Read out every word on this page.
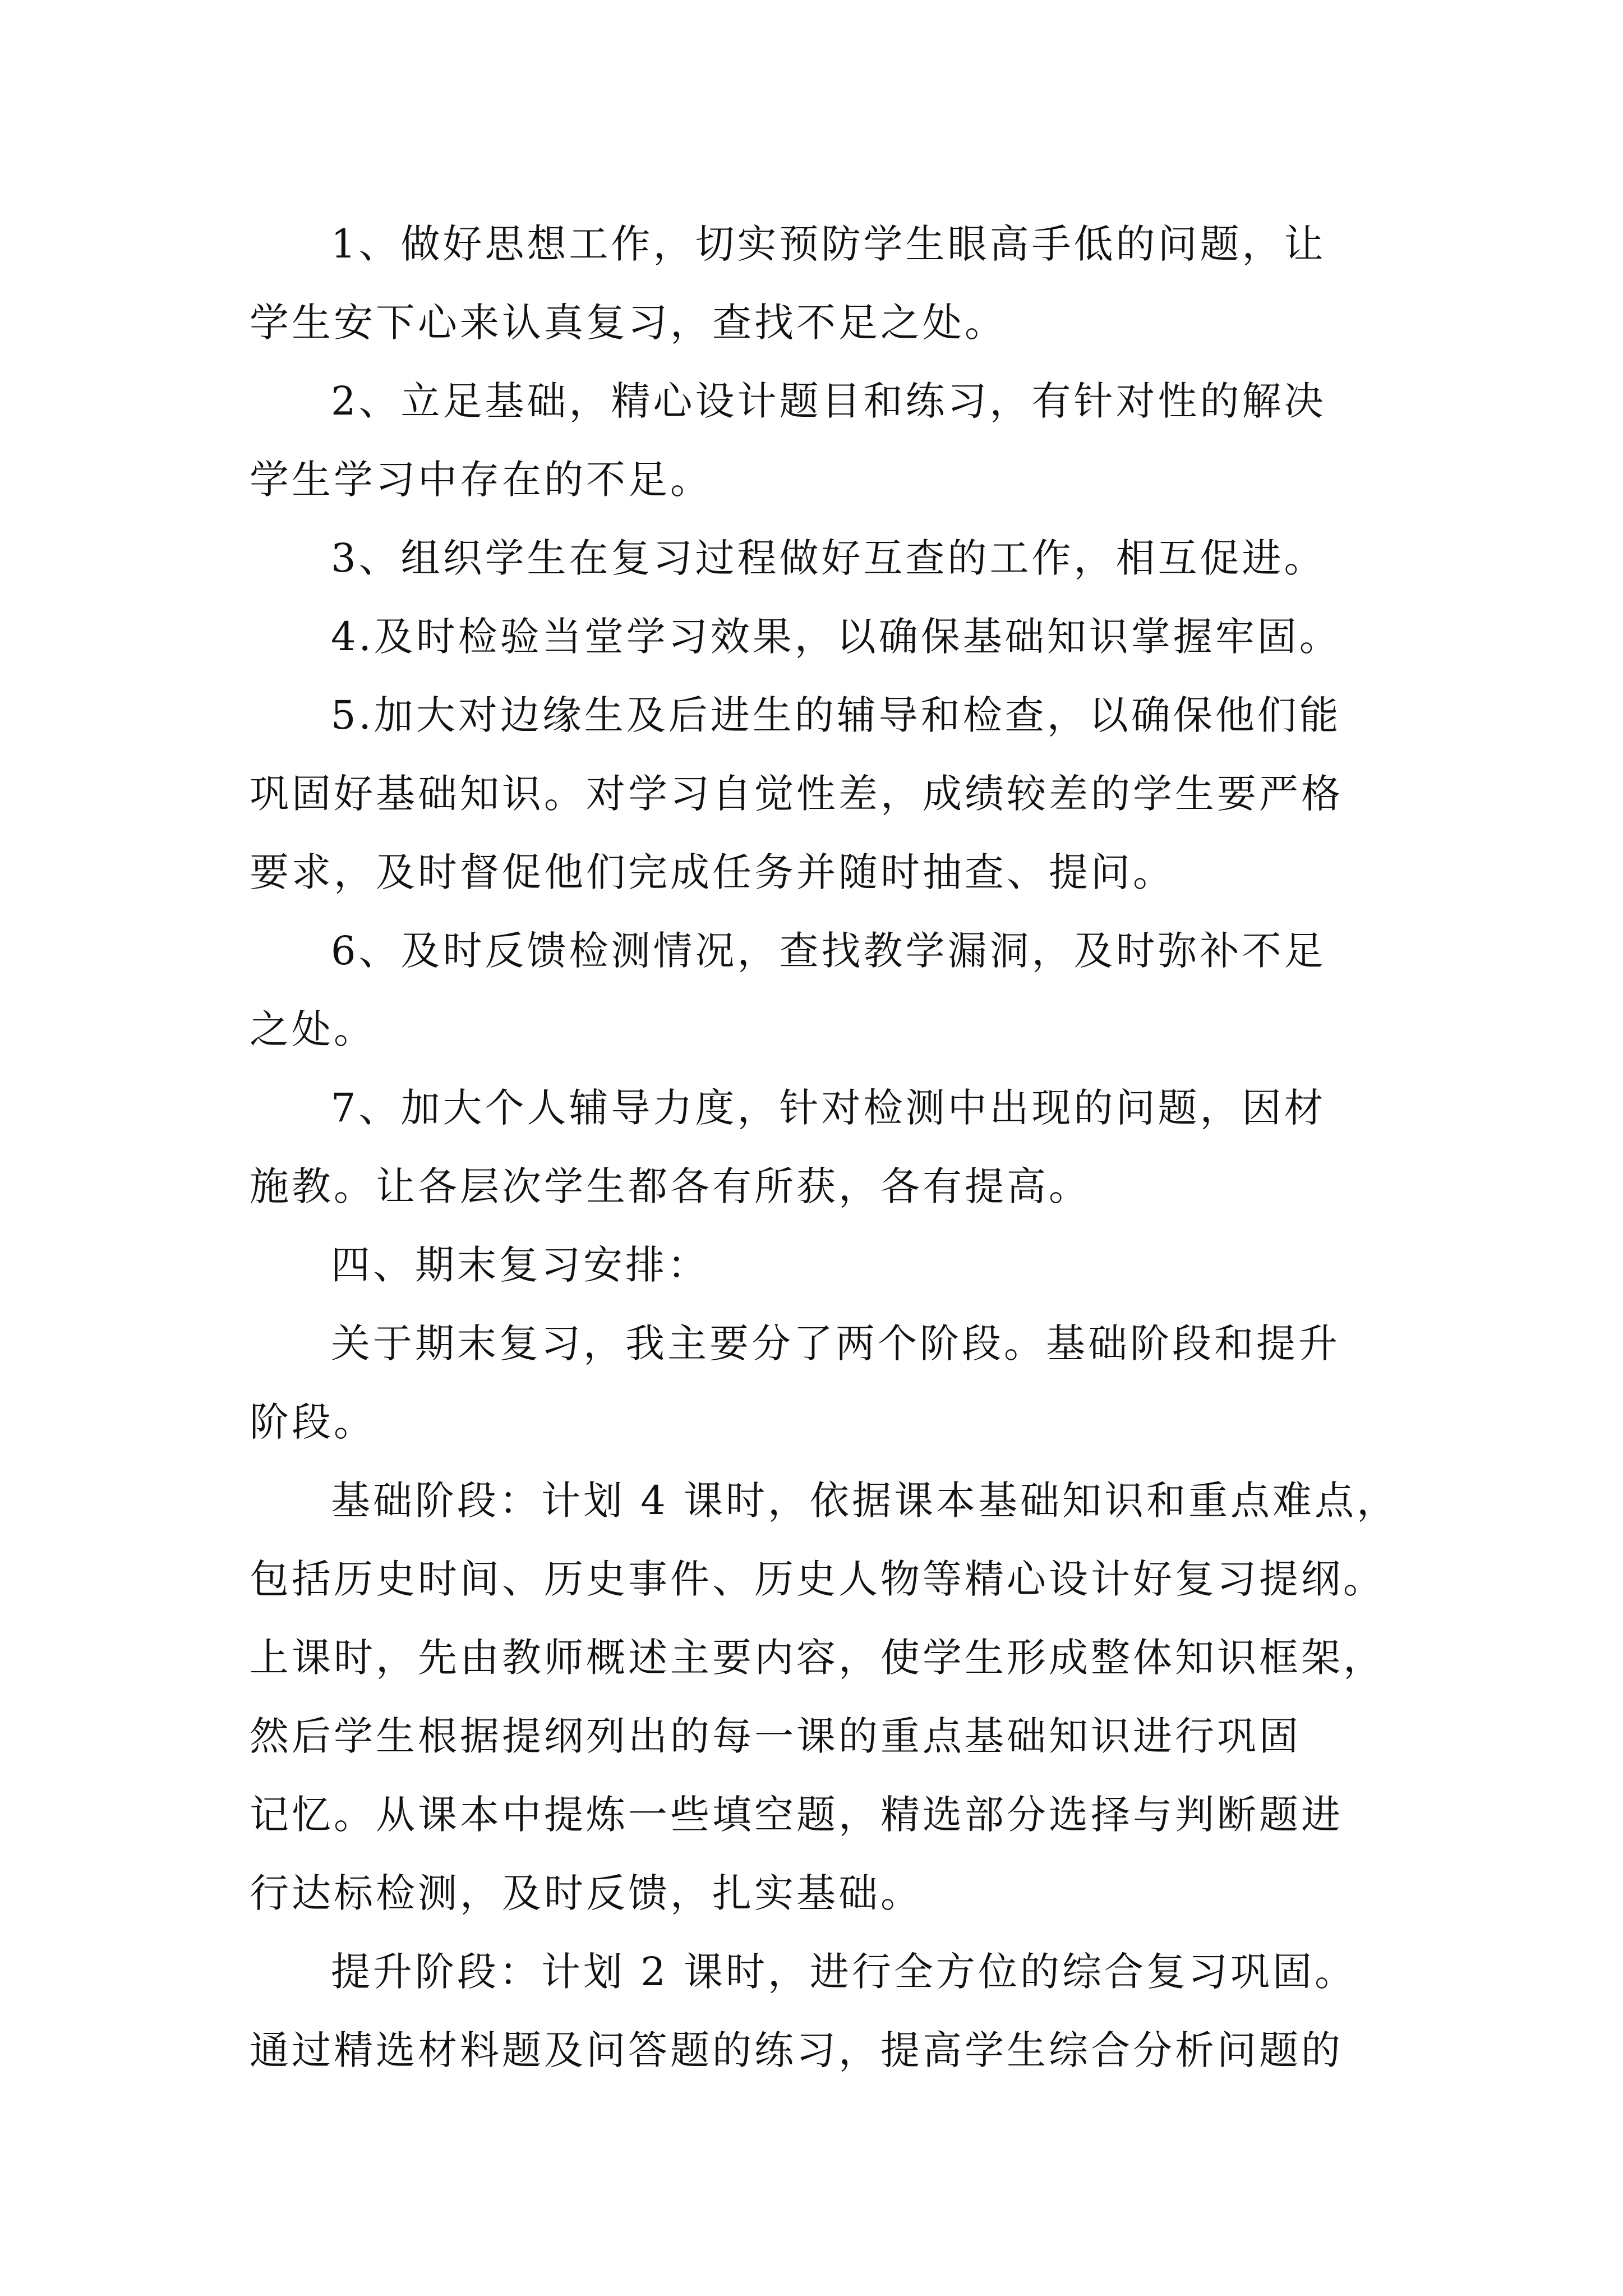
1、做好思想工作，切实预防学生眼高手低的问题，让
学生安下心来认真复习，查找不足之处。
2、立足基础，精心设计题目和练习，有针对性的解决
学生学习中存在的不足。
3、组织学生在复习过程做好互查的工作，相互促进。
4.及时检验当堂学习效果，以确保基础知识掌握牢固。
5.加大对边缘生及后进生的辅导和检查，以确保他们能
巩固好基础知识。对学习自觉性差，成绩较差的学生要严格
要求，及时督促他们完成任务并随时抽查、提问。
6、及时反馈检测情况，查找教学漏洞，及时弥补不足
之处。
7、加大个人辅导力度，针对检测中出现的问题，因材
施教。让各层次学生都各有所获，各有提高。
四、期末复习安排：
关于期末复习，我主要分了两个阶段。基础阶段和提升
阶段。
基础阶段：计划 4 课时，依据课本基础知识和重点难点，
包括历史时间、历史事件、历史人物等精心设计好复习提纲。
上课时，先由教师概述主要内容，使学生形成整体知识框架，
然后学生根据提纲列出的每一课的重点基础知识进行巩固
记忆。从课本中提炼一些填空题，精选部分选择与判断题进
行达标检测，及时反馈，扎实基础。
提升阶段：计划 2 课时，进行全方位的综合复习巩固。
通过精选材料题及问答题的练习，提高学生综合分析问题的
